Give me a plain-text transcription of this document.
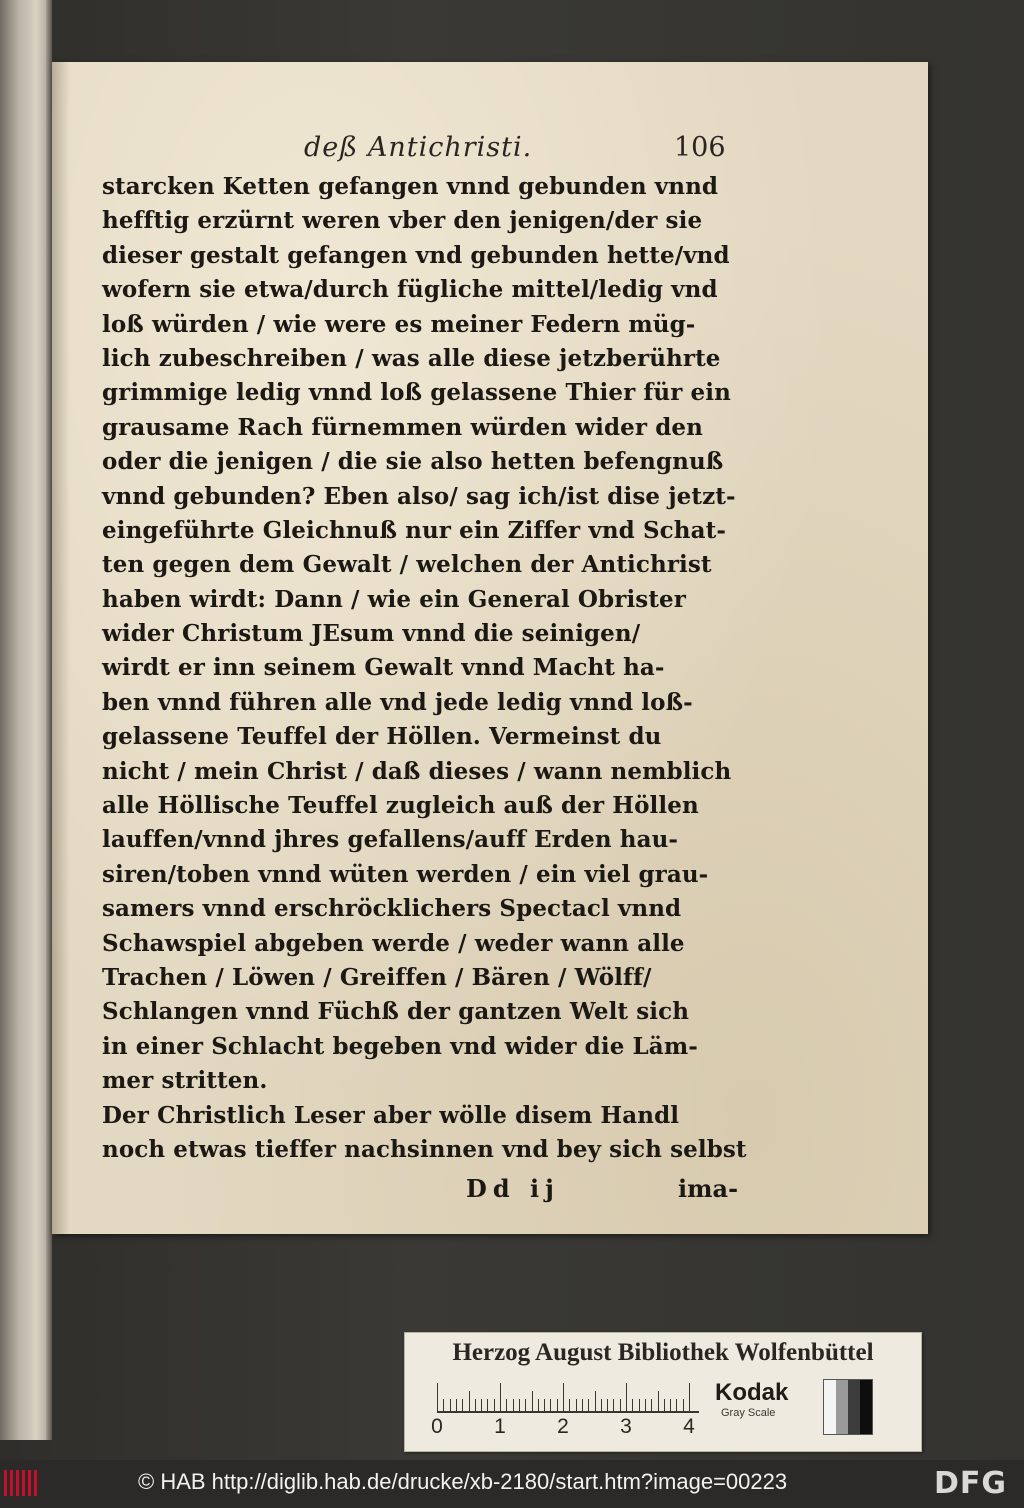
deß Antichristi.	106
starcken Ketten gefangen vnnd gebunden vnnd
hefftig erzürnt weren vber den jenigen/der sie
dieser gestalt gefangen vnd gebunden hette/vnd
wofern sie etwa/durch fügliche mittel/ledig vnd
loß würden / wie were es meiner Federn müg-
lich zubeschreiben / was alle diese jetzberührte
grimmige ledig vnnd loß gelassene Thier für ein
grausame Rach fürnemmen würden wider den
oder die jenigen / die sie also hetten befengnuß
vnnd gebunden? Eben also/ sag ich/ist dise jetzt-
eingeführte Gleichnuß nur ein Ziffer vnd Schat-
ten gegen dem Gewalt / welchen der Antichrist
haben wirdt: Dann / wie ein General Obrister
wider Christum JEsum vnnd die seinigen/
wirdt er inn seinem Gewalt vnnd Macht ha-
ben vnnd führen alle vnd jede ledig vnnd loß-
gelassene Teuffel der Höllen. Vermeinst du
nicht / mein Christ / daß dieses / wann nemblich
alle Höllische Teuffel zugleich auß der Höllen
lauffen/vnnd jhres gefallens/auff Erden hau-
siren/toben vnnd wüten werden / ein viel grau-
samers vnnd erschröcklichers Spectacl vnnd
Schawspiel abgeben werde / weder wann alle
Trachen / Löwen / Greiffen / Bären / Wölff/
Schlangen vnnd Füchß der gantzen Welt sich
in einer Schlacht begeben vnd wider die Läm-
mer stritten.
Der Christlich Leser aber wölle disem Handl
noch etwas tieffer nachsinnen vnd bey sich selbst
Dd ij	ima-
Herzog August Bibliothek Wolfenbüttel
0 1 2 3 4
Kodak
Gray Scale
© HAB http://diglib.hab.de/drucke/xb-2180/start.htm?image=00223	DFG
